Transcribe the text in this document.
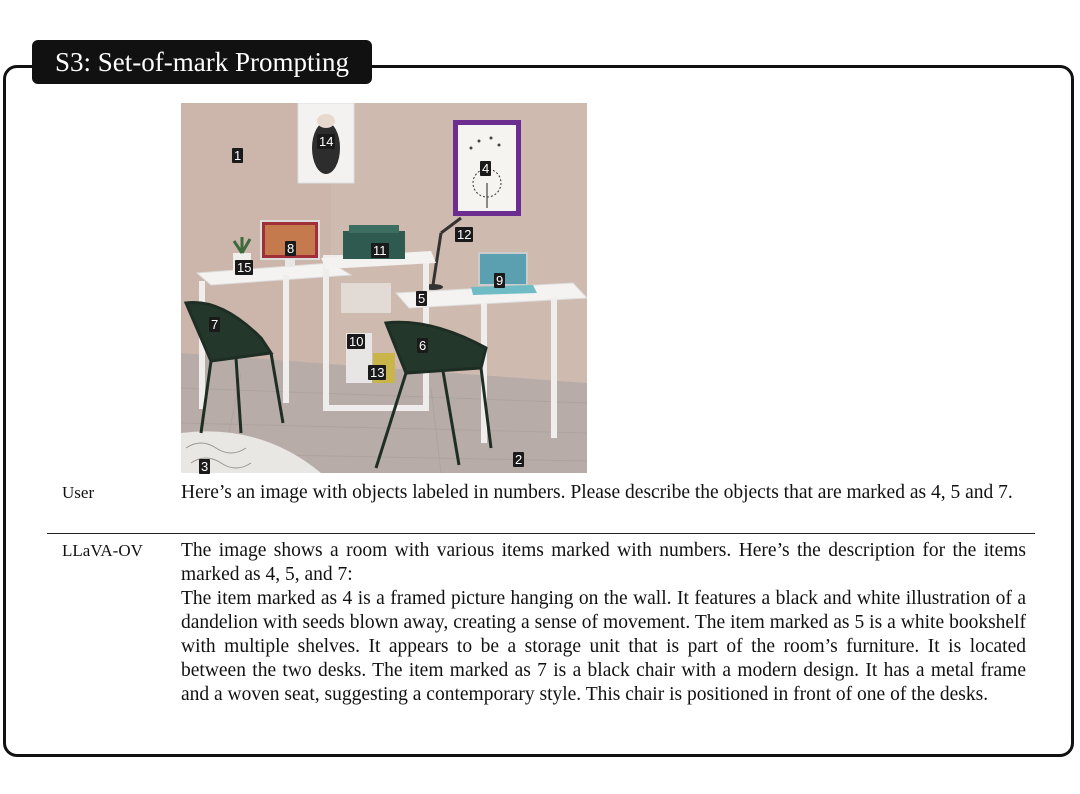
S3: Set-of-mark Prompting
1
2
3
4
5
6
7
8
9
10
11
12
13
14
15
User	Here’s an image with objects labeled in numbers. Please describe the objects that are marked as 4, 5 and 7.

LLaVA-OV The image shows a room with various items marked with numbers. Here’s the description for the items marked as 4, 5, and 7:

The item marked as 4 is a framed picture hanging on the wall. It features a black and white illustration of a dandelion with seeds blown away, creating a sense of movement. The item marked as 5 is a white bookshelf with multiple shelves. It appears to be a storage unit that is part of the room’s furniture. It is located between the two desks. The item marked as 7 is a black chair with a modern design. It has a metal frame and a woven seat, suggesting a contemporary style. This chair is positioned in front of one of the desks.
